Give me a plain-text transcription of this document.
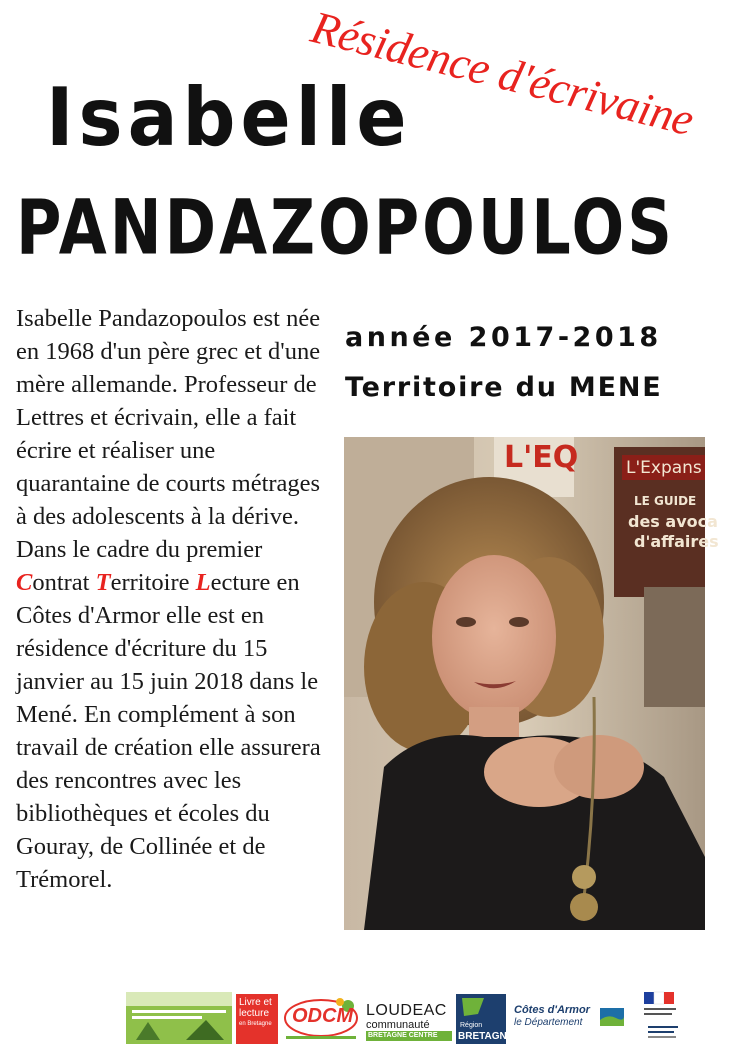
Résidence d'écrivaine
Isabelle
PANDAZOPOULOS
année 2017-2018
Territoire du MENE

Isabelle Pandazopoulos est née en 1968 d'un père grec et d'une mère allemande. Professeur de Lettres et écrivain, elle a fait écrire et réaliser une quarantaine de courts métrages à des adolescents à la dérive. Dans le cadre du premier Contrat Territoire Lecture en Côtes d'Armor elle est en résidence d'écriture du 15 janvier au 15 juin 2018 dans le Mené. En complément à son travail de création elle assurera des rencontres avec les bibliothèques et écoles du Gouray, de Collinée et de Trémorel.

L'EQ	L'Expans
LE GUIDE
des avoca
d'affaires
Livre et
lecture
en Bretagne	ODCM LOUDEAC
communauté
BRETAGNE CENTRE
Région
BRETAGNE
Côtes d'Armor
le Département
